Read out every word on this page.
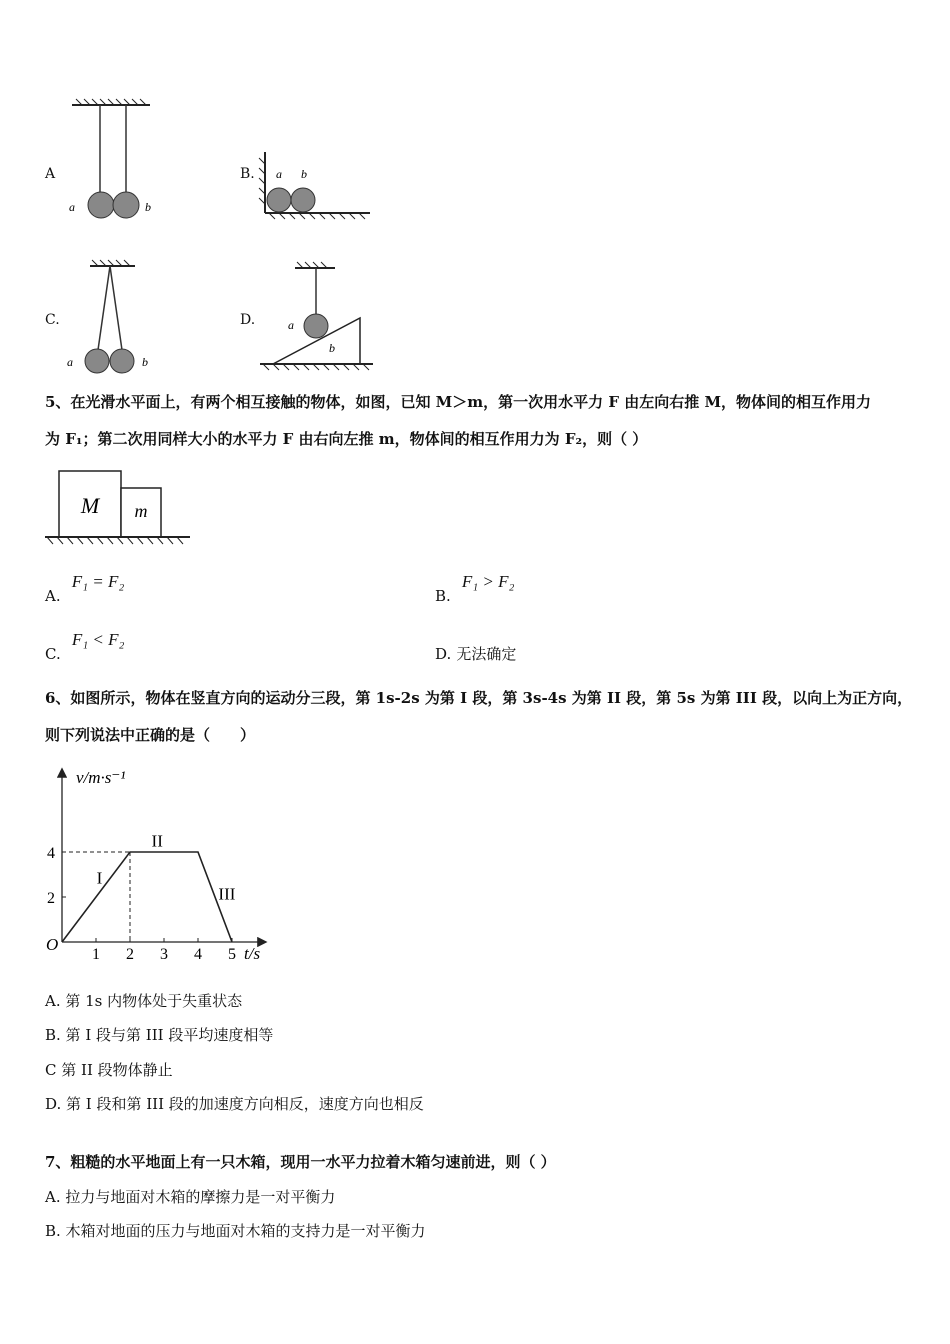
A
a	b
B. a b
C.
a	b
D.	a
b
5、在光滑水平面上，有两个相互接触的物体，如图，已知 M＞m，第一次用水平力 F 由左向右推 M，物体间的相互作用力
为 F₁；第二次用同样大小的水平力 F 由右向左推 m，物体间的相互作用力为 F₂，则（ ）
M m
A. F₁ = F₂
B. F₁ > F₂
C. F₁ < F₂
D. 无法确定
6、如图所示，物体在竖直方向的运动分三段，第 1s-2s 为第 I 段，第 3s-4s 为第 II 段，第 5s 为第 III 段，以向上为正方向，
则下列说法中正确的是（　　）
v/m·s⁻¹
t/s
O
1 2 3 4 5
2
4
I
II
III
A. 第 1s 内物体处于失重状态
B. 第 I 段与第 III 段平均速度相等
C 第 II 段物体静止
D. 第 I 段和第 III 段的加速度方向相反，速度方向也相反
7、粗糙的水平地面上有一只木箱，现用一水平力拉着木箱匀速前进，则（ ）
A. 拉力与地面对木箱的摩擦力是一对平衡力
B. 木箱对地面的压力与地面对木箱的支持力是一对平衡力
